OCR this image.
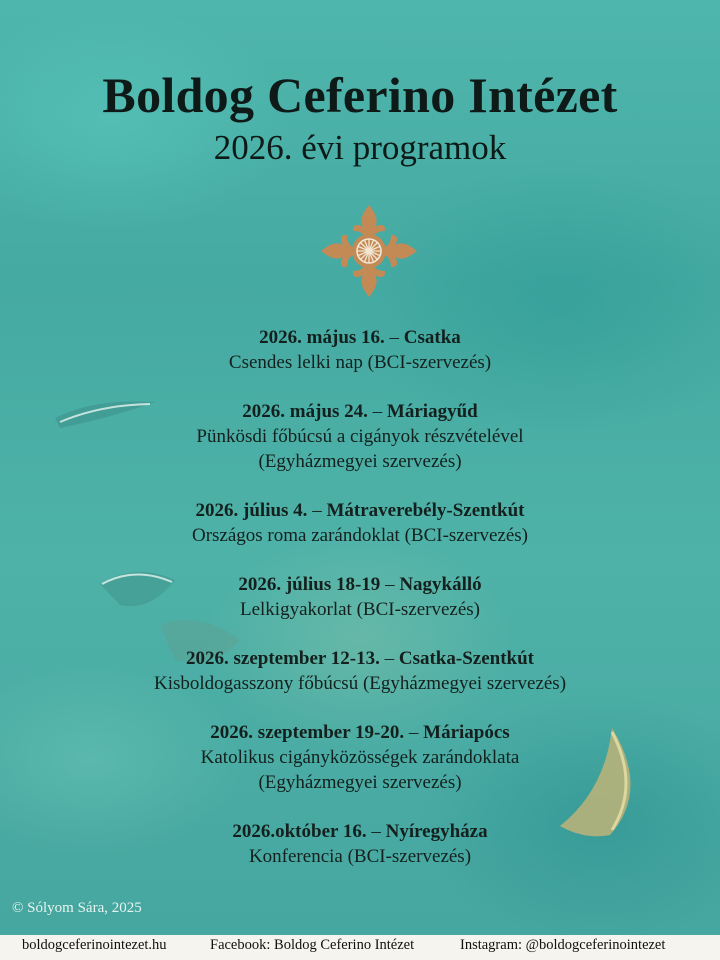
Boldog Ceferino Intézet
2026. évi programok
2026. május 16. – Csatka
Csendes lelki nap (BCI-szervezés)
2026. május 24. – Máriagyűd
Pünkösdi főbúcsú a cigányok részvételével
(Egyházmegyei szervezés)
2026. július 4. – Mátraverebély-Szentkút
Országos roma zarándoklat (BCI-szervezés)
2026. július 18-19 – Nagykálló
Lelkigyakorlat (BCI-szervezés)
2026. szeptember 12-13. – Csatka-Szentkút
Kisboldogasszony főbúcsú (Egyházmegyei szervezés)
2026. szeptember 19-20. – Máriapócs
Katolikus cigányközösségek zarándoklata
(Egyházmegyei szervezés)
2026.október 16. – Nyíregyháza
Konferencia (BCI-szervezés)
© Sólyom Sára, 2025
boldogceferinointezet.hu	Facebook: Boldog Ceferino Intézet	Instagram: @boldogceferinointezet
